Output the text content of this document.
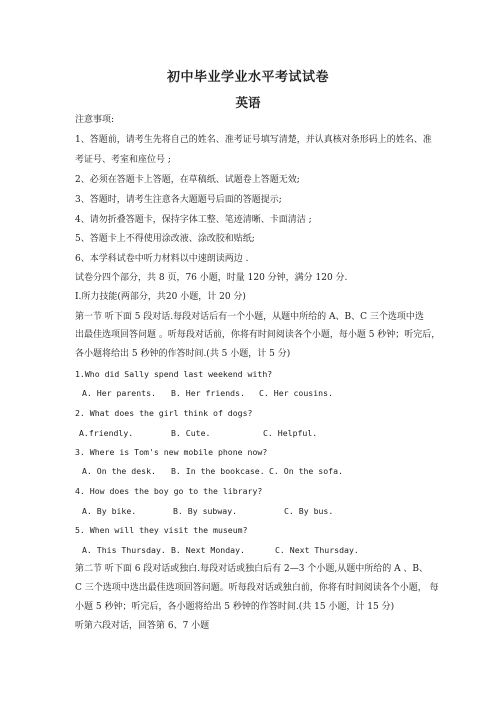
初中毕业学业水平考试试卷
英语
注意事项:
1、答题前，请考生先将自己的姓名、准考证号填写清楚，并认真核对条形码上的姓名、准
考证号、考室和座位号 ;
2、必须在答题卡上答题，在草稿纸、试题卷上答题无效;
3、答题时，请考生注意各大题题号后面的答题提示;
4、请勿折叠答题卡，保持字体工整、笔迹清晰、卡面清洁 ;
5、答题卡上不得使用涂改液、涂改胶和贴纸;
6、本学科试卷中听力材料以中速朗读两边 .
试卷分四个部分，共 8 页，76 小题，时量 120 分钟，满分 120 分.
Ⅰ.所力技能(两部分，共20 小题，计 20 分)
第一节 听下面 5 段对话.每段对话后有一个小题，从题中所给的 A、B、C 三个选项中选
出最佳选项回答问题 。听每段对话前，你将有时间阅读各个小题，每小题 5 秒钟；听完后，
各小题将给出 5 秒钟的作答时间.(共 5 小题，计 5 分)
1.Who did Sally spend last weekend with?
A. Her parents. B. Her friends. C. Her cousins.
2. What does the girl think of dogs?
A.friendly.	B. Cute.	C. Helpful.
3. Where is Tom's new mobile phone now?
A. On the desk. B. In the bookcase. C. On the sofa.
4. How does the boy go to the library?
A. By bike.	B. By subway.	C. By bus.
5. When will they visit the museum?
A. This Thursday. B. Next Monday.	C. Next Thursday.
第二节 听下面 6 段对话或独白.每段对话或独白后有 2—3 个小题,从题中所给的 A 、B、
C 三个选项中选出最佳选项回答问题。听每段对话或独白前，你将有时间阅读各个小题， 每
小题 5 秒钟；听完后，各小题将给出 5 秒钟的作答时间.(共 15 小题，计 15 分)
听第六段对话，回答第 6、7 小题
